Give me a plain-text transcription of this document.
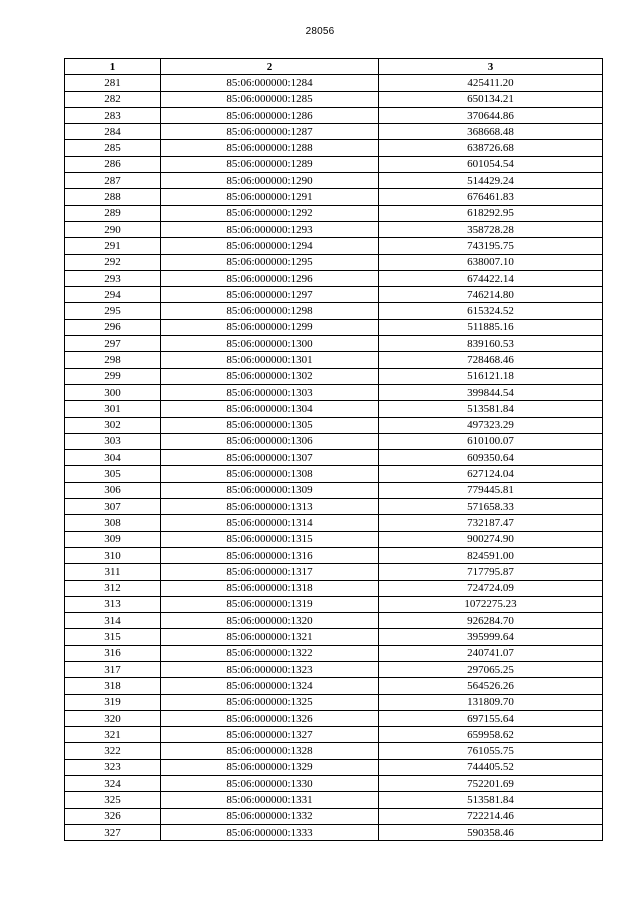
28056
1	2	3
281	85:06:000000:1284	425411.20
282	85:06:000000:1285	650134.21
283	85:06:000000:1286	370644.86
284	85:06:000000:1287	368668.48
285	85:06:000000:1288	638726.68
286	85:06:000000:1289	601054.54
287	85:06:000000:1290	514429.24
288	85:06:000000:1291	676461.83
289	85:06:000000:1292	618292.95
290	85:06:000000:1293	358728.28
291	85:06:000000:1294	743195.75
292	85:06:000000:1295	638007.10
293	85:06:000000:1296	674422.14
294	85:06:000000:1297	746214.80
295	85:06:000000:1298	615324.52
296	85:06:000000:1299	511885.16
297	85:06:000000:1300	839160.53
298	85:06:000000:1301	728468.46
299	85:06:000000:1302	516121.18
300	85:06:000000:1303	399844.54
301	85:06:000000:1304	513581.84
302	85:06:000000:1305	497323.29
303	85:06:000000:1306	610100.07
304	85:06:000000:1307	609350.64
305	85:06:000000:1308	627124.04
306	85:06:000000:1309	779445.81
307	85:06:000000:1313	571658.33
308	85:06:000000:1314	732187.47
309	85:06:000000:1315	900274.90
310	85:06:000000:1316	824591.00
311	85:06:000000:1317	717795.87
312	85:06:000000:1318	724724.09
313	85:06:000000:1319	1072275.23
314	85:06:000000:1320	926284.70
315	85:06:000000:1321	395999.64
316	85:06:000000:1322	240741.07
317	85:06:000000:1323	297065.25
318	85:06:000000:1324	564526.26
319	85:06:000000:1325	131809.70
320	85:06:000000:1326	697155.64
321	85:06:000000:1327	659958.62
322	85:06:000000:1328	761055.75
323	85:06:000000:1329	744405.52
324	85:06:000000:1330	752201.69
325	85:06:000000:1331	513581.84
326	85:06:000000:1332	722214.46
327	85:06:000000:1333	590358.46
